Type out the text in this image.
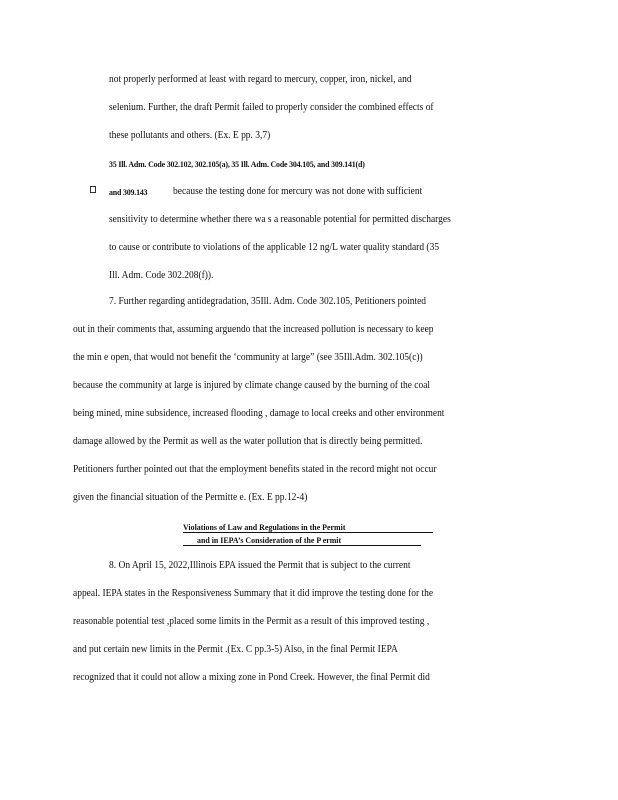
not properly performed at least with regard to mercury, copper, iron, nickel, and
selenium. Further, the draft Permit failed to properly consider the combined effects of
these pollutants and others. (Ex. E pp. 3,7)
35 Ill. Adm. Code 302.102, 302.105(a), 35 Ill. Adm. Code 304.105, and 309.141(d)
and 309.143 because the testing done for mercury was not done with sufficient
sensitivity to determine whether there wa s a reasonable potential for permitted discharges
to cause or contribute to violations of the applicable 12 ng/L water quality standard (35
Ill. Adm. Code 302.208(f)).
7. Further regarding antidegradation, 35Ill. Adm. Code 302.105, Petitioners pointed
out in their comments that, assuming arguendo that the increased pollution is necessary to keep
the min e open, that would not benefit the ‘community at large” (see 35Ill.Adm. 302.105(c))
because the community at large is injured by climate change caused by the burning of the coal
being mined, mine subsidence, increased flooding , damage to local creeks and other environment
damage allowed by the Permit as well as the water pollution that is directly being permitted.
Petitioners further pointed out that the employment benefits stated in the record might not occur
given the financial situation of the Permitte e. (Ex. E pp.12-4)
Violations of Law and Regulations in the Permit
and in IEPA’s Consideration of the P ermit
8. On April 15, 2022,Illinois EPA issued the Permit that is subject to the current
appeal. IEPA states in the Responsiveness Summary that it did improve the testing done for the
reasonable potential test ,placed some limits in the Permit as a result of this improved testing ,
and put certain new limits in the Permit .(Ex. C pp.3-5) Also, in the final Permit IEPA
recognized that it could not allow a mixing zone in Pond Creek. However, the final Permit did
